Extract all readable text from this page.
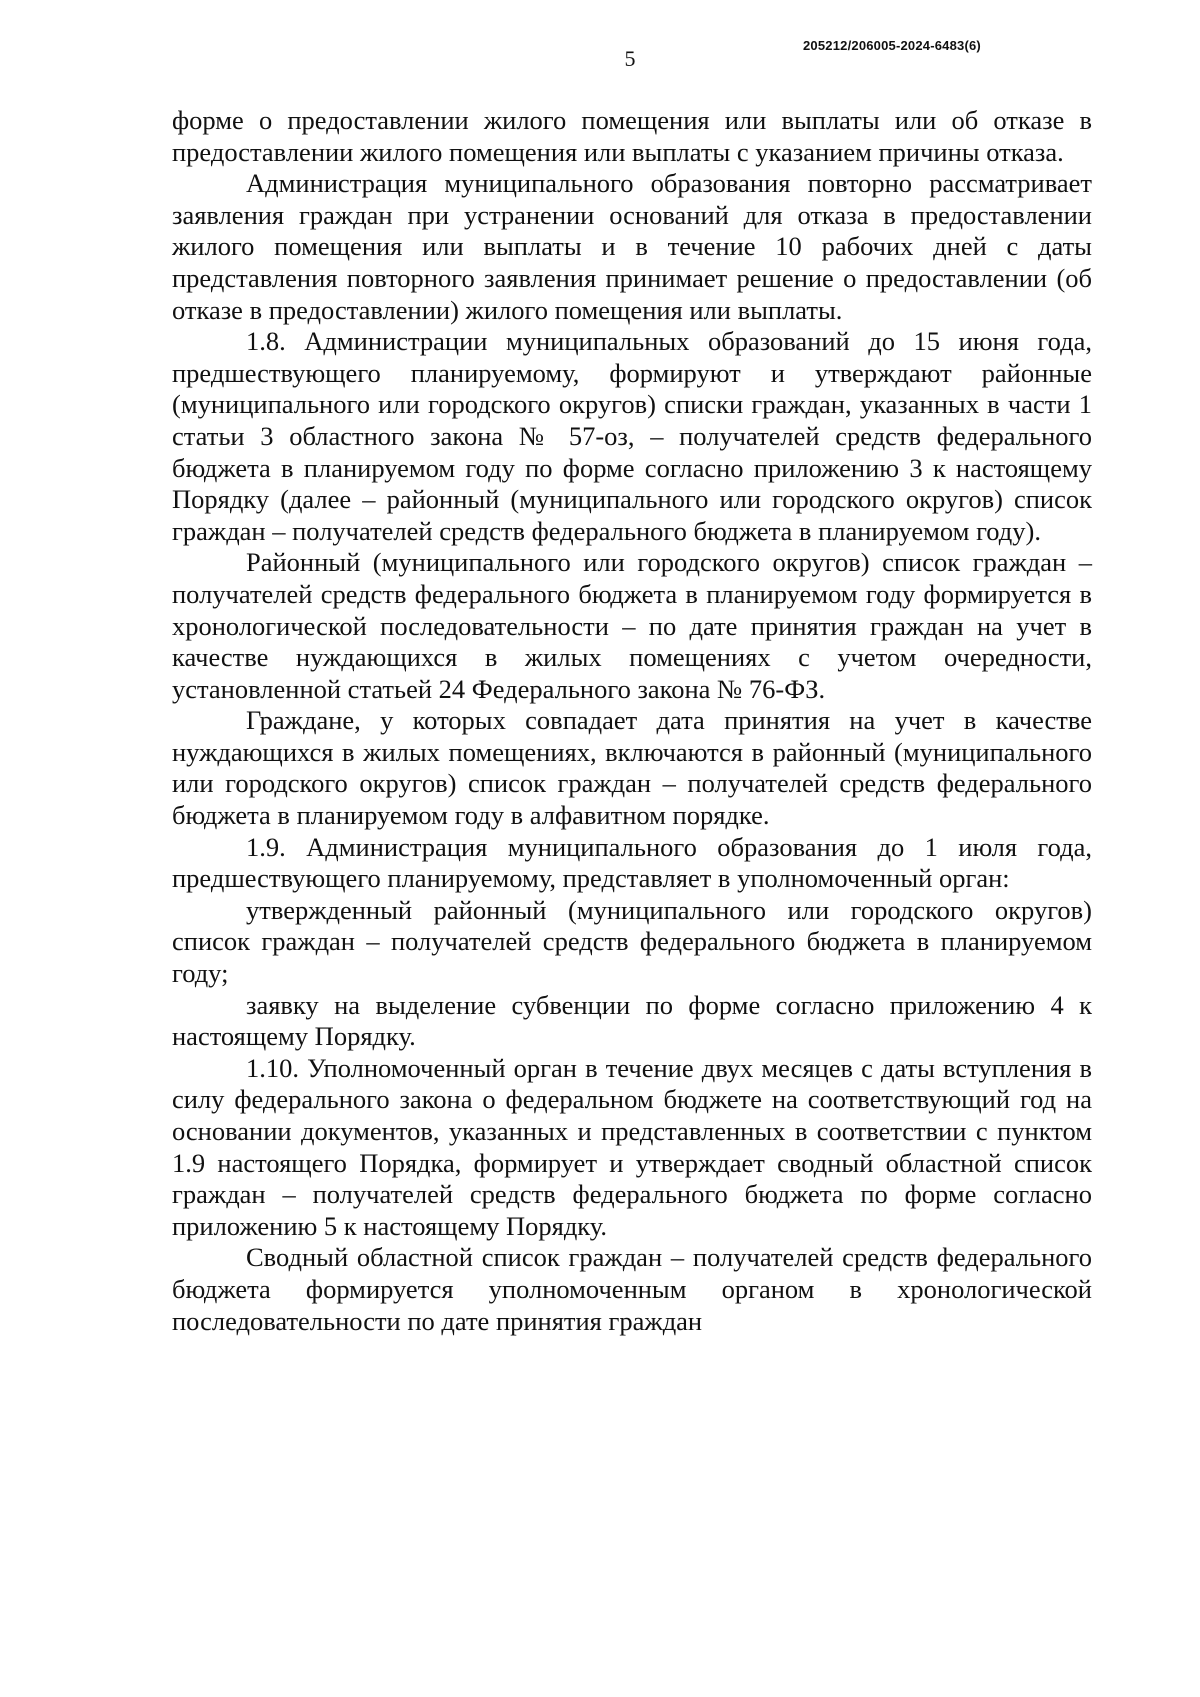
5
205212/206005-2024-6483(6)

форме о предоставлении жилого помещения или выплаты или об отказе в предоставлении жилого помещения или выплаты с указанием причины отказа.

Администрация муниципального образования повторно рассматривает заявления граждан при устранении оснований для отказа в предоставлении жилого помещения или выплаты и в течение 10 рабочих дней с даты представления повторного заявления принимает решение о предоставлении (об отказе в предоставлении) жилого помещения или выплаты.

1.8. Администрации муниципальных образований до 15 июня года, предшествующего планируемому, формируют и утверждают районные (муниципального или городского округов) списки граждан, указанных в части 1 статьи 3 областного закона № 57-оз, – получателей средств федерального бюджета в планируемом году по форме согласно приложению 3 к настоящему Порядку (далее – районный (муниципального или городского округов) список граждан – получателей средств федерального бюджета в планируемом году).

Районный (муниципального или городского округов) список граждан – получателей средств федерального бюджета в планируемом году формируется в хронологической последовательности – по дате принятия граждан на учет в качестве нуждающихся в жилых помещениях с учетом очередности, установленной статьей 24 Федерального закона № 76-ФЗ.

Граждане, у которых совпадает дата принятия на учет в качестве нуждающихся в жилых помещениях, включаются в районный (муниципального или городского округов) список граждан – получателей средств федерального бюджета в планируемом году в алфавитном порядке.

1.9. Администрация муниципального образования до 1 июля года, предшествующего планируемому, представляет в уполномоченный орган:

утвержденный районный (муниципального или городского округов) список граждан – получателей средств федерального бюджета в планируемом году;

заявку на выделение субвенции по форме согласно приложению 4 к настоящему Порядку.

1.10. Уполномоченный орган в течение двух месяцев с даты вступления в силу федерального закона о федеральном бюджете на соответствующий год на основании документов, указанных и представленных в соответствии с пунктом 1.9 настоящего Порядка, формирует и утверждает сводный областной список граждан – получателей средств федерального бюджета по форме согласно приложению 5 к настоящему Порядку.

Сводный областной список граждан – получателей средств федерального бюджета формируется уполномоченным органом в хронологической последовательности по дате принятия граждан
